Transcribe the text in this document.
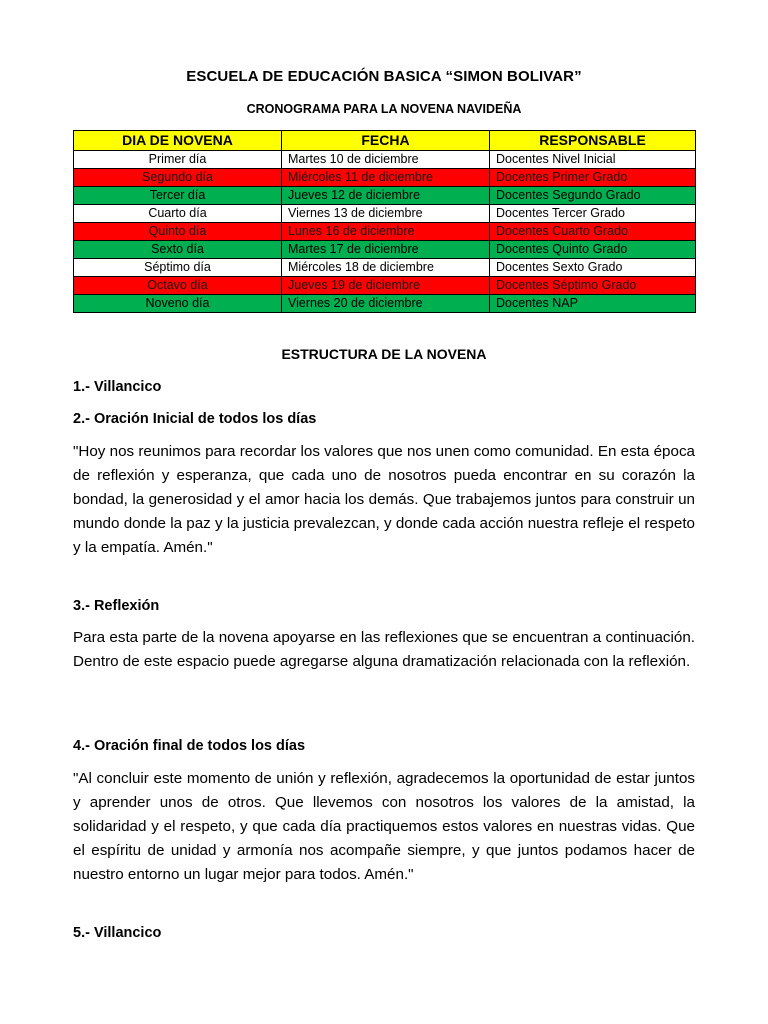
ESCUELA DE EDUCACIÓN BASICA “SIMON BOLIVAR”
CRONOGRAMA PARA LA NOVENA NAVIDEÑA
DIA DE NOVENA	FECHA	RESPONSABLE
Primer día	Martes 10 de diciembre	Docentes Nivel Inicial
Segundo día	Miércoles 11 de diciembre	Docentes Primer Grado
Tercer día	Jueves 12 de diciembre	Docentes Segundo Grado
Cuarto día	Viernes 13 de diciembre	Docentes Tercer Grado
Quinto día	Lunes 16 de diciembre	Docentes Cuarto Grado
Sexto día	Martes 17 de diciembre	Docentes Quinto Grado
Séptimo día	Miércoles 18 de diciembre	Docentes Sexto Grado
Octavo día	Jueves 19 de diciembre	Docentes Séptimo Grado
Noveno día	Viernes 20 de diciembre	Docentes NAP
ESTRUCTURA DE LA NOVENA
1.- Villancico
2.- Oración Inicial de todos los días
"Hoy nos reunimos para recordar los valores que nos unen como comunidad. En esta época de reflexión y esperanza, que cada uno de nosotros pueda encontrar en su corazón la bondad, la generosidad y el amor hacia los demás. Que trabajemos juntos para construir un mundo donde la paz y la justicia prevalezcan, y donde cada acción nuestra refleje el respeto y la empatía. Amén."
3.- Reflexión
Para esta parte de la novena apoyarse en las reflexiones que se encuentran a continuación. Dentro de este espacio puede agregarse alguna dramatización relacionada con la reflexión.
4.- Oración final de todos los días
"Al concluir este momento de unión y reflexión, agradecemos la oportunidad de estar juntos y aprender unos de otros. Que llevemos con nosotros los valores de la amistad, la solidaridad y el respeto, y que cada día practiquemos estos valores en nuestras vidas. Que el espíritu de unidad y armonía nos acompañe siempre, y que juntos podamos hacer de nuestro entorno un lugar mejor para todos. Amén."
5.- Villancico
